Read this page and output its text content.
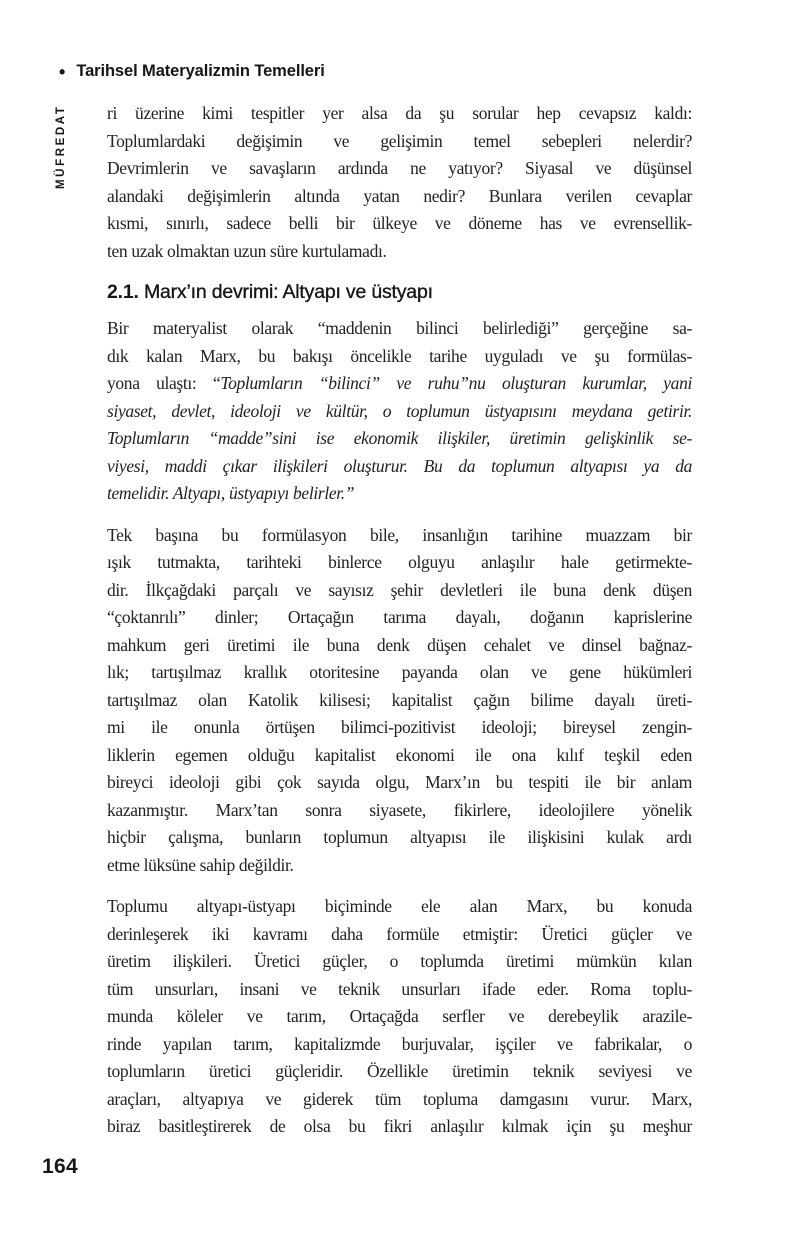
• Tarihsel Materyalizmin Temelleri
MÜFREDAT	ri üzerine kimi tespitler yer alsa da şu sorular hep cevapsız kaldı:
Toplumlardaki değişimin ve gelişimin temel sebepleri nelerdir?
Devrimlerin ve savaşların ardında ne yatıyor? Siyasal ve düşünsel
alandaki değişimlerin altında yatan nedir? Bunlara verilen cevaplar
kısmi, sınırlı, sadece belli bir ülkeye ve döneme has ve evrensellik-
ten uzak olmaktan uzun süre kurtulamadı.
2.1. Marx’ın devrimi: Altyapı ve üstyapı
Bir materyalist olarak “maddenin bilinci belirlediği” gerçeğine sa-
dık kalan Marx, bu bakışı öncelikle tarihe uyguladı ve şu formülas-
yona ulaştı: “Toplumların “bilinci” ve ruhu”nu oluşturan kurumlar, yani
siyaset, devlet, ideoloji ve kültür, o toplumun üstyapısını meydana getirir.
Toplumların “madde”sini ise ekonomik ilişkiler, üretimin gelişkinlik se-
viyesi, maddi çıkar ilişkileri oluşturur. Bu da toplumun altyapısı ya da
temelidir. Altyapı, üstyapıyı belirler.”
Tek başına bu formülasyon bile, insanlığın tarihine muazzam bir
ışık tutmakta, tarihteki binlerce olguyu anlaşılır hale getirmekte-
dir. İlkçağdaki parçalı ve sayısız şehir devletleri ile buna denk düşen
“çoktanrılı” dinler; Ortaçağın tarıma dayalı, doğanın kaprislerine
mahkum geri üretimi ile buna denk düşen cehalet ve dinsel bağnaz-
lık; tartışılmaz krallık otoritesine payanda olan ve gene hükümleri
tartışılmaz olan Katolik kilisesi; kapitalist çağın bilime dayalı üreti-
mi ile onunla örtüşen bilimci-pozitivist ideoloji; bireysel zengin-
liklerin egemen olduğu kapitalist ekonomi ile ona kılıf teşkil eden
bireyci ideoloji gibi çok sayıda olgu, Marx’ın bu tespiti ile bir anlam
kazanmıştır. Marx’tan sonra siyasete, fikirlere, ideolojilere yönelik
hiçbir çalışma, bunların toplumun altyapısı ile ilişkisini kulak ardı
etme lüksüne sahip değildir.
Toplumu altyapı-üstyapı biçiminde ele alan Marx, bu konuda
derinleşerek iki kavramı daha formüle etmiştir: Üretici güçler ve
üretim ilişkileri. Üretici güçler, o toplumda üretimi mümkün kılan
tüm unsurları, insani ve teknik unsurları ifade eder. Roma toplu-
munda köleler ve tarım, Ortaçağda serfler ve derebeylik arazile-
rinde yapılan tarım, kapitalizmde burjuvalar, işçiler ve fabrikalar, o
toplumların üretici güçleridir. Özellikle üretimin teknik seviyesi ve
araçları, altyapıya ve giderek tüm topluma damgasını vurur. Marx,
biraz basitleştirerek de olsa bu fikri anlaşılır kılmak için şu meşhur
164
